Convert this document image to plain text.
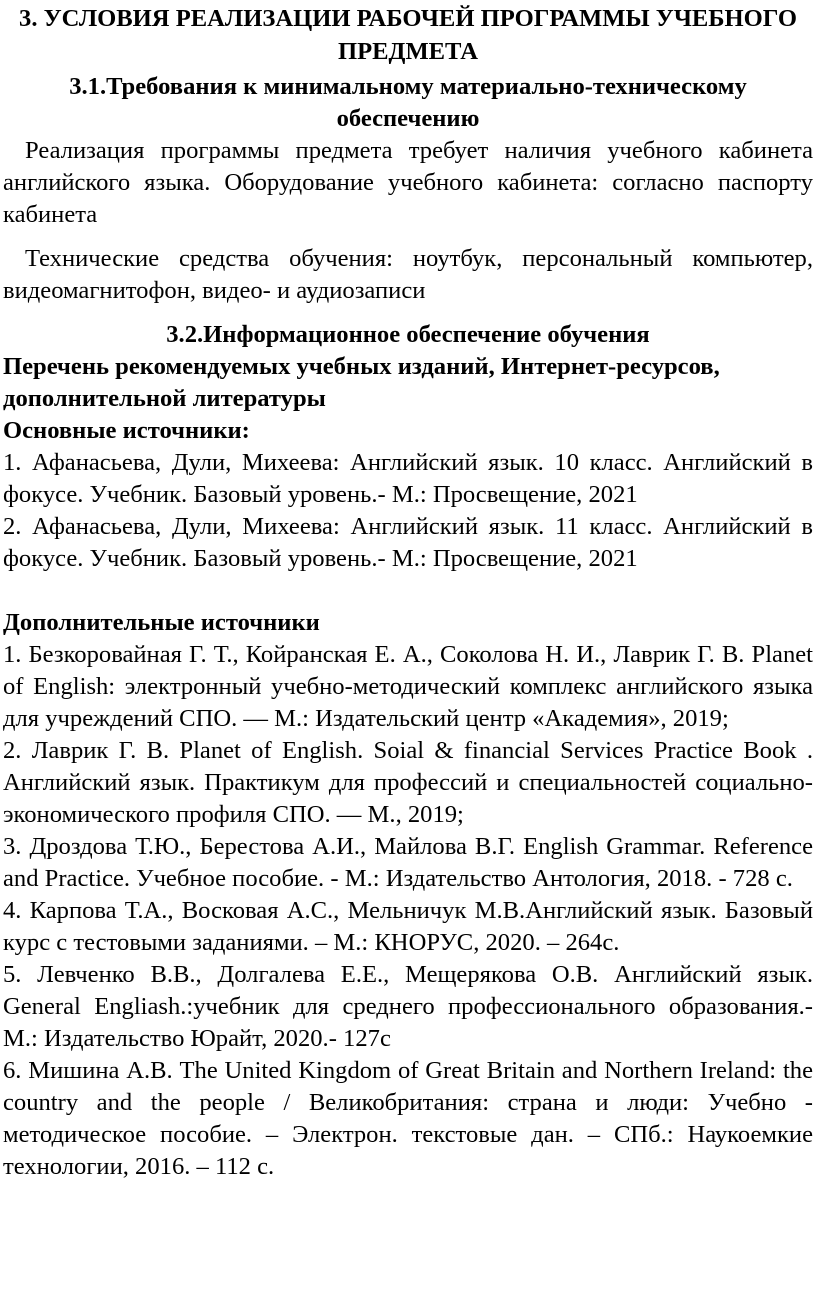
3. УСЛОВИЯ РЕАЛИЗАЦИИ РАБОЧЕЙ ПРОГРАММЫ УЧЕБНОГО ПРЕДМЕТА

3.1.Требования к минимальному материально-техническому обеспечению

Реализация программы предмета требует наличия учебного кабинета английского языка. Оборудование учебного кабинета: согласно паспорту кабинета

Технические средства обучения: ноутбук, персональный компьютер, видеомагнитофон, видео- и аудиозаписи

3.2.Информационное обеспечение обучения

Перечень рекомендуемых учебных изданий, Интернет-ресурсов, дополнительной литературы

Основные источники:

1. Афанасьева, Дули, Михеева: Английский язык. 10 класс. Английский в фокусе. Учебник. Базовый уровень.- М.: Просвещение, 2021

2. Афанасьева, Дули, Михеева: Английский язык. 11 класс. Английский в фокусе. Учебник. Базовый уровень.- М.: Просвещение, 2021

Дополнительные источники

1. Безкоровайная Г. Т., Койранская Е. А., Соколова Н. И., Лаврик Г. В. Planet of English: электронный учебно-методический комплекс английского языка для учреждений СПО. — М.: Издательский центр «Академия», 2019;

2. Лаврик Г. В. Planet of English. Soial & financial Services Practice Book . Английский язык. Практикум для профессий и специальностей социально-экономического профиля СПО. — М., 2019;

3. Дроздова Т.Ю., Берестова А.И., Майлова В.Г. English Grammar. Reference and Practice. Учебное пособие. - М.: Издательство Антология, 2018. - 728 с.

4. Карпова Т.А., Восковая А.С., Мельничук М.В.Английский язык. Базовый курс с тестовыми заданиями. – М.: КНОРУС, 2020. – 264с.

5. Левченко В.В., Долгалева Е.Е., Мещерякова О.В. Английский язык. General Engliash.:учебник для среднего профессионального образования.- М.: Издательство Юрайт, 2020.- 127с

6. Мишина А.В. The United Kingdom of Great Britain and Northern Ireland: the country and the people / Великобритания: страна и люди: Учебно - методическое пособие. – Электрон. текстовые дан. – СПб.: Наукоемкие технологии, 2016. – 112 с.
